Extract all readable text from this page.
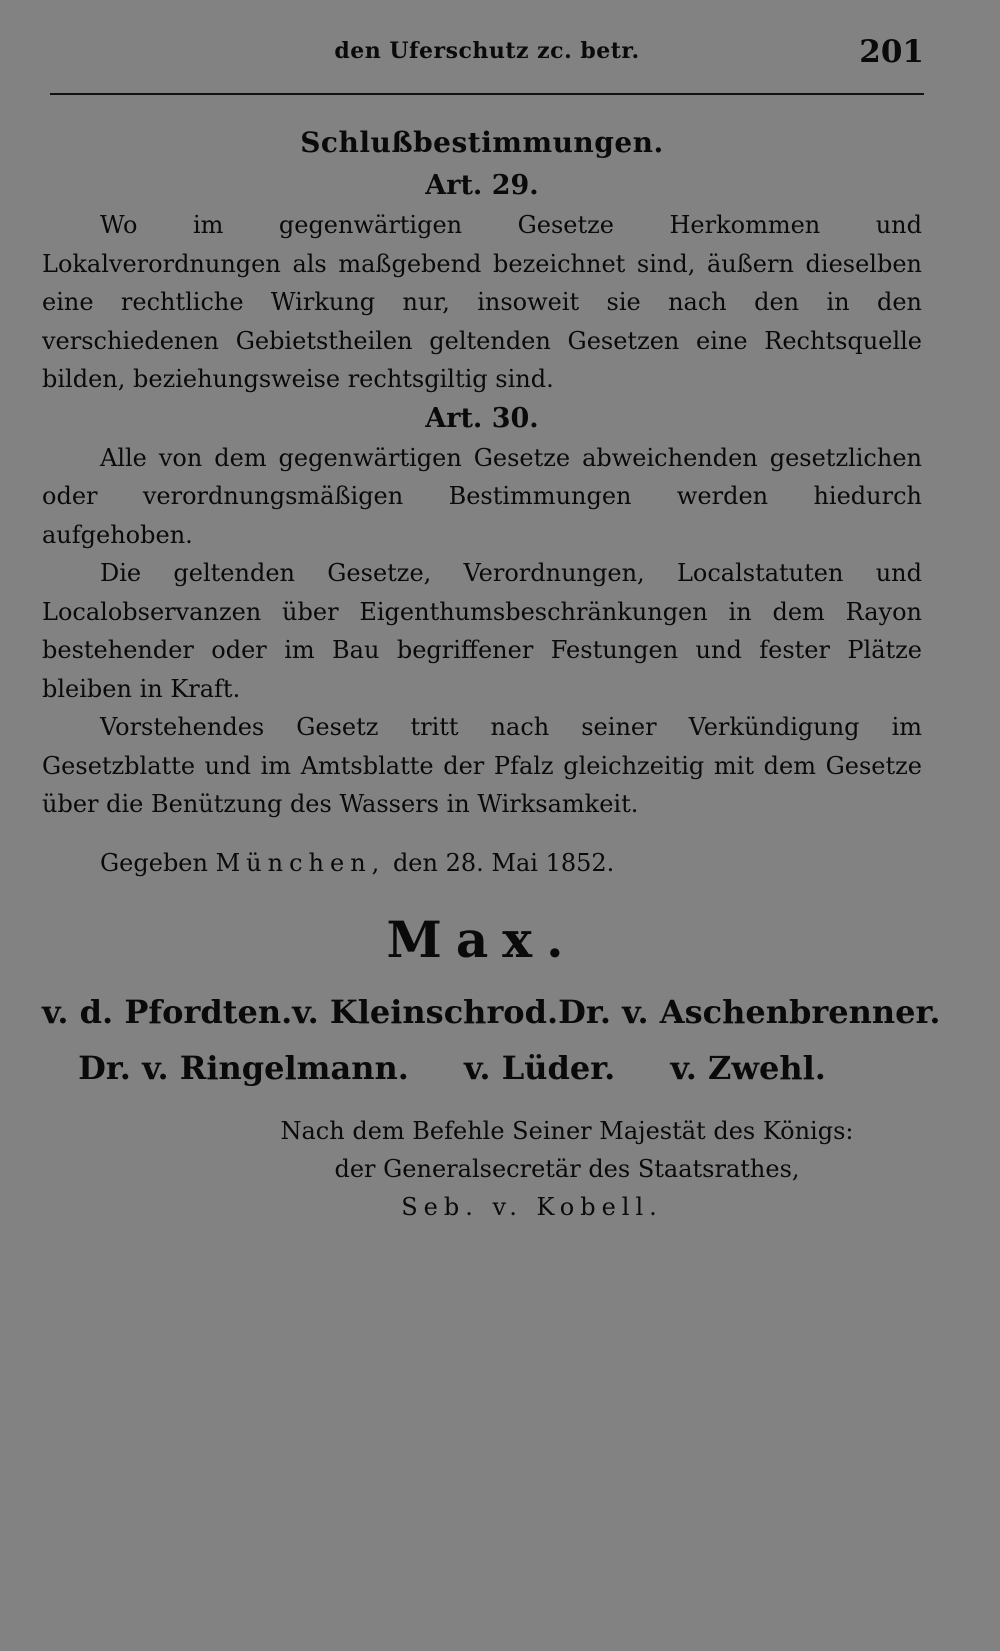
den Uferschutz zc. betr.	201
Schlußbestimmungen.
Art. 29.

Wo im gegenwärtigen Gesetze Herkommen und Lokalverordnungen als maßgebend bezeichnet sind, äußern dieselben eine rechtliche Wirkung nur, insoweit sie nach den in den verschiedenen Gebietstheilen geltenden Gesetzen eine Rechtsquelle bilden, beziehungsweise rechtsgiltig sind.

Art. 30.

Alle von dem gegenwärtigen Gesetze abweichenden gesetzlichen oder verordnungsmäßigen Bestimmungen werden hiedurch aufgehoben.

Die geltenden Gesetze, Verordnungen, Localstatuten und Localobservanzen über Eigenthumsbeschränkungen in dem Rayon bestehender oder im Bau begriffener Festungen und fester Plätze bleiben in Kraft.

Vorstehendes Gesetz tritt nach seiner Verkündigung im Gesetzblatte und im Amtsblatte der Pfalz gleichzeitig mit dem Gesetze über die Benützung des Wassers in Wirksamkeit.

Gegeben München, den 28. Mai 1852.

Max.
v. d. Pfordten. v. Kleinschrod. Dr. v. Aschenbrenner.
Dr. v. Ringelmann. v. Lüder. v. Zwehl.
Nach dem Befehle Seiner Majestät des Königs:
der Generalsecretär des Staatsrathes,
Seb. v. Kobell.
